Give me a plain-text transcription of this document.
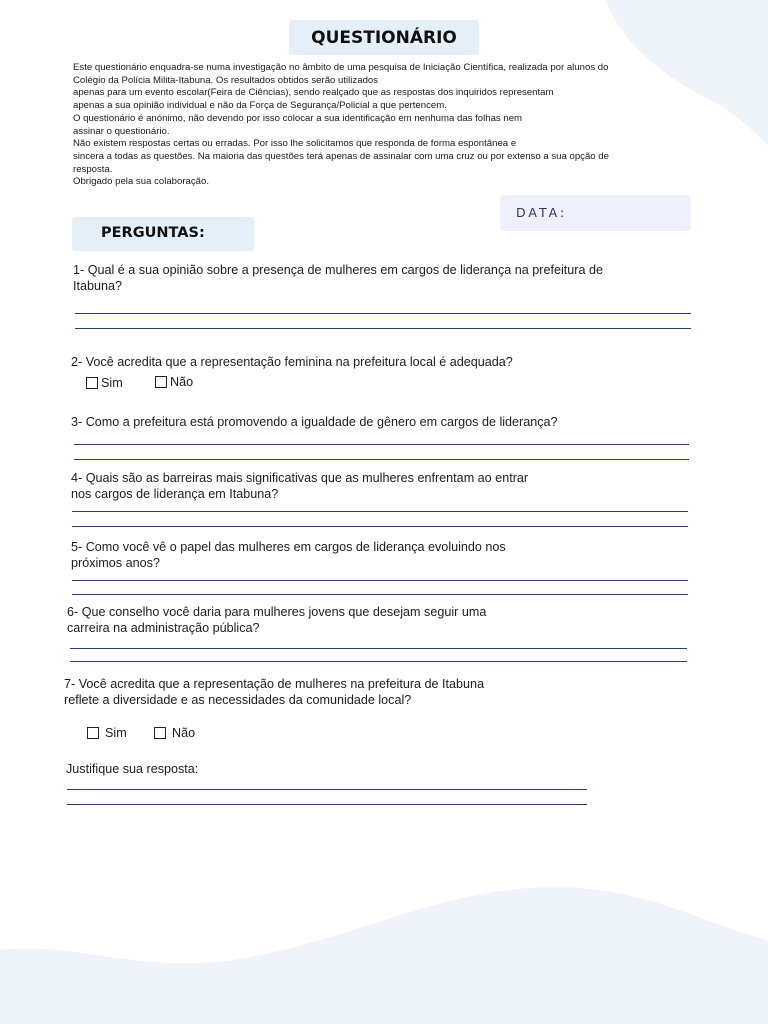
QUESTIONÁRIO
Este questionário enquadra-se numa investigação no âmbito de uma pesquisa de Iniciação Científica, realizada por alunos do
Colégio da Polícia Milita-Itabuna. Os resultados obtidos serão utilizados
apenas para um evento escolar(Feira de Ciências), sendo realçado que as respostas dos inquiridos representam
apenas a sua opinião individual e não da Força de Segurança/Policial a que pertencem.
O questionário é anónimo, não devendo por isso colocar a sua identificação em nenhuma das folhas nem
assinar o questionário.
Não existem respostas certas ou erradas. Por isso lhe solicitamos que responda de forma espontânea e
sincera a todas as questões. Na maioria das questões terá apenas de assinalar com uma cruz ou por extenso a sua opção de
resposta.
Obrigado pela sua colaboração.
DATA:
PERGUNTAS:
1- Qual é a sua opinião sobre a presença de mulheres em cargos de liderança na prefeitura de
Itabuna?
2- Você acredita que a representação feminina na prefeitura local é adequada?
Sim	Não
3- Como a prefeitura está promovendo a igualdade de gênero em cargos de liderança?
4- Quais são as barreiras mais significativas que as mulheres enfrentam ao entrar
nos cargos de liderança em Itabuna?
5- Como você vê o papel das mulheres em cargos de liderança evoluindo nos
próximos anos?
6- Que conselho você daria para mulheres jovens que desejam seguir uma
carreira na administração pública?
7- Você acredita que a representação de mulheres na prefeitura de Itabuna
reflete a diversidade e as necessidades da comunidade local?
Sim	Não
Justifique sua resposta:
